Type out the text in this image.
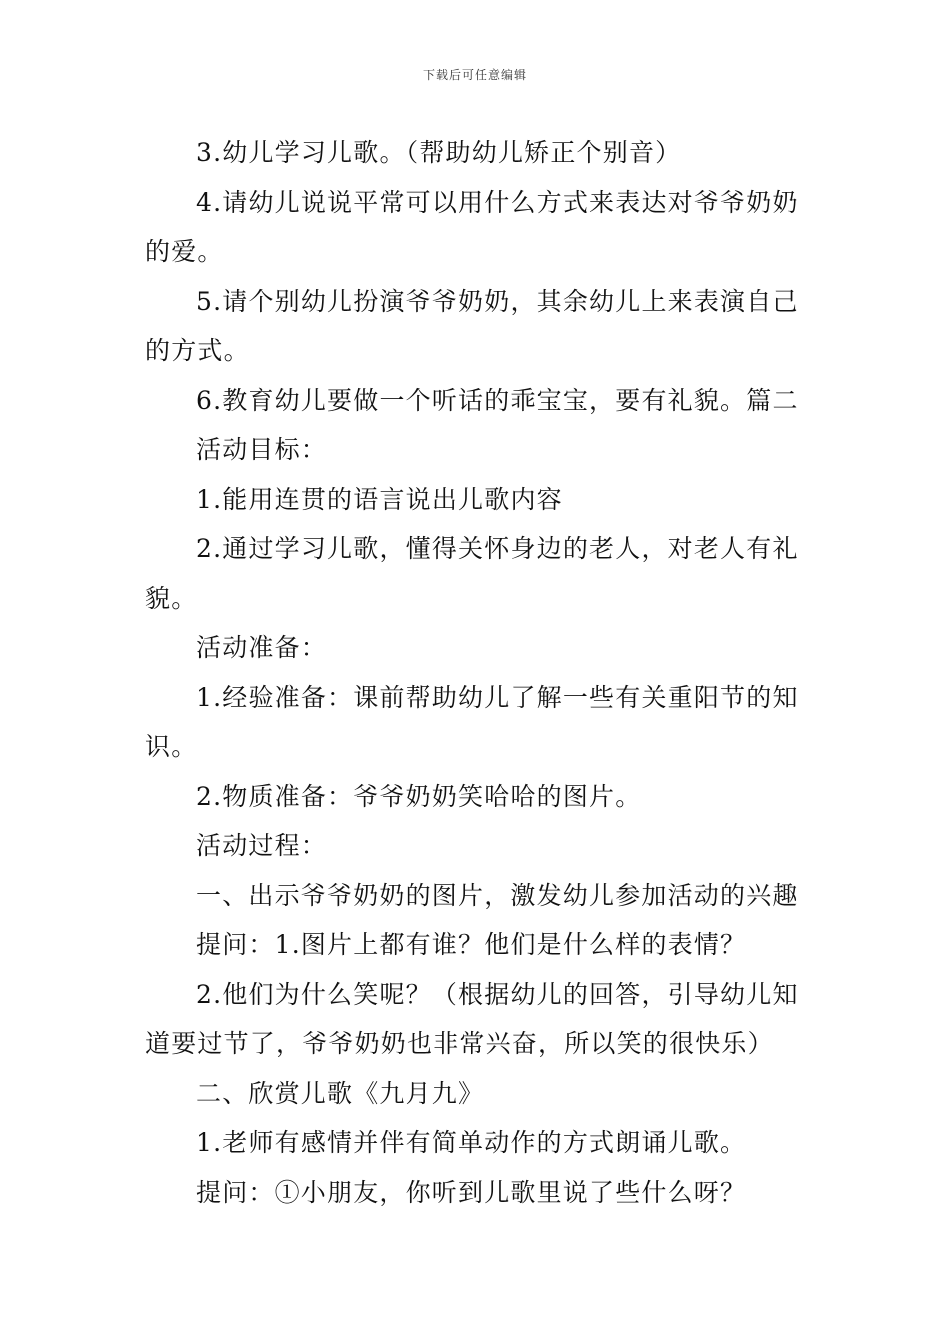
下载后可任意编辑
3.幼儿学习儿歌。（帮助幼儿矫正个别音）
4.请幼儿说说平常可以用什么方式来表达对爷爷奶奶
的爱。
5.请个别幼儿扮演爷爷奶奶，其余幼儿上来表演自己
的方式。
6.教育幼儿要做一个听话的乖宝宝，要有礼貌。篇二
活动目标：
1.能用连贯的语言说出儿歌内容
2.通过学习儿歌，懂得关怀身边的老人，对老人有礼
貌。
活动准备：
1.经验准备：课前帮助幼儿了解一些有关重阳节的知
识。
2.物质准备：爷爷奶奶笑哈哈的图片。
活动过程：
一、出示爷爷奶奶的图片，激发幼儿参加活动的兴趣
提问：1.图片上都有谁？他们是什么样的表情？
2.他们为什么笑呢？（根据幼儿的回答，引导幼儿知
道要过节了，爷爷奶奶也非常兴奋，所以笑的很快乐）
二、欣赏儿歌《九月九》
1.老师有感情并伴有简单动作的方式朗诵儿歌。
提问：①小朋友，你听到儿歌里说了些什么呀？
